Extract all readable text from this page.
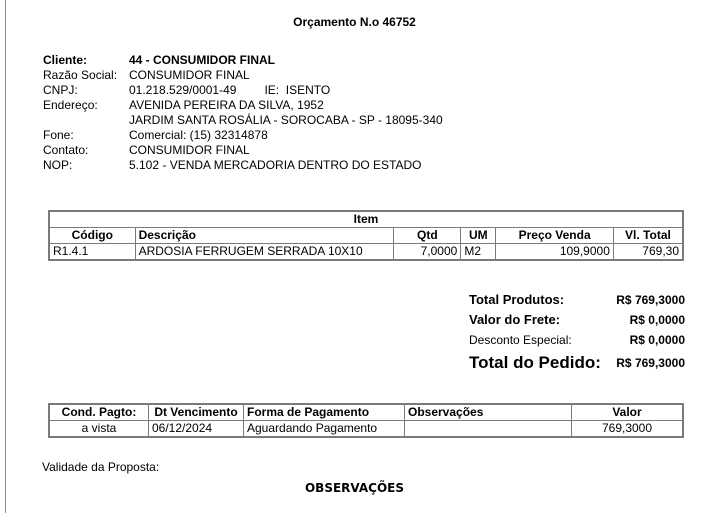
Orçamento N.o 46752
Cliente:	44 - CONSUMIDOR FINAL
Razão Social: CONSUMIDOR FINAL
CNPJ:	01.218.529/0001-49 IE: ISENTO
Endereço:	AVENIDA PEREIRA DA SILVA, 1952
JARDIM SANTA ROSÁLIA - SOROCABA - SP - 18095-340
Fone:	Comercial: (15) 32314878
Contato:	CONSUMIDOR FINAL
NOP:	5.102 - VENDA MERCADORIA DENTRO DO ESTADO
Item					
Código	Descrição	Qtd	UM	Preço Venda	Vl. Total
R1.4.1	ARDOSIA FERRUGEM SERRADA 10X10	7,0000	M2	109,9000	769,30
Total Produtos:	R$ 769,3000
Valor do Frete:	R$ 0,0000
Desconto Especial:	R$ 0,0000
Total do Pedido: R$ 769,3000
Cond. Pagto:	Dt Vencimento	Forma de Pagamento	Observações	Valor
a vista	06/12/2024	Aguardando Pagamento		769,3000
Validade da Proposta:
OBSERVAÇÕES
